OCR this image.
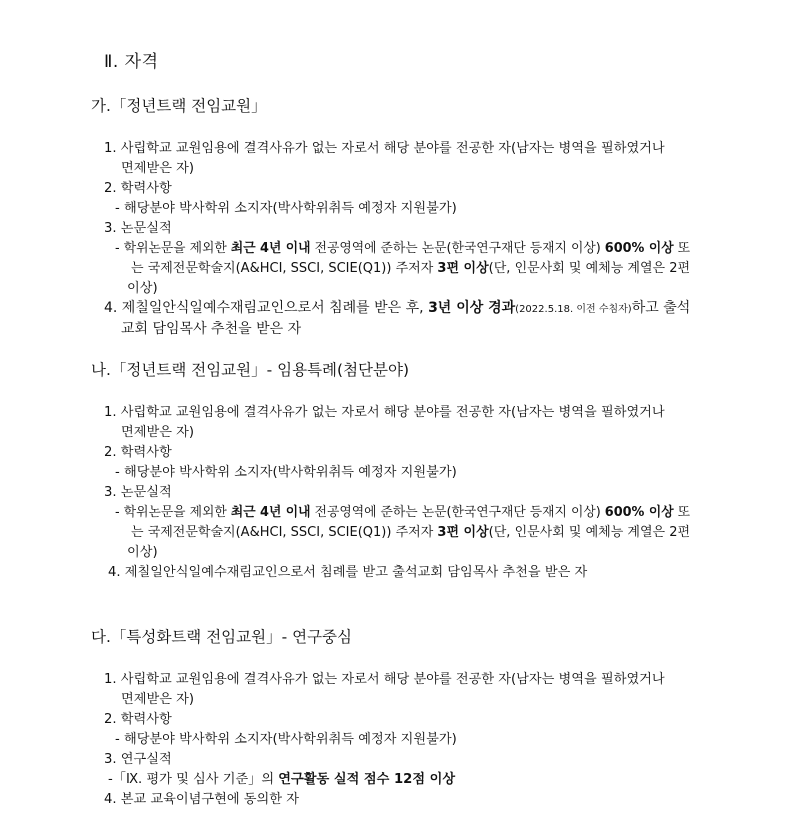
Ⅱ. 자격
가.「정년트랙 전임교원」
1. 사립학교 교원임용에 결격사유가 없는 자로서 해당 분야를 전공한 자(남자는 병역을 필하였거나
면제받은 자)
2. 학력사항
- 해당분야 박사학위 소지자(박사학위취득 예정자 지원불가)
3. 논문실적
- 학위논문을 제외한 최근 4년 이내 전공영역에 준하는 논문(한국연구재단 등재지 이상) 600% 이상 또
는 국제전문학술지(A&HCI, SSCI, SCIE(Q1)) 주저자 3편 이상(단, 인문사회 및 예체능 계열은 2편
이상)
4. 제칠일안식일예수재림교인으로서 침례를 받은 후, 3년 이상 경과(2022.5.18. 이전 수침자)하고 출석
교회 담임목사 추천을 받은 자
나.「정년트랙 전임교원」- 임용특례(첨단분야)
1. 사립학교 교원임용에 결격사유가 없는 자로서 해당 분야를 전공한 자(남자는 병역을 필하였거나
면제받은 자)
2. 학력사항
- 해당분야 박사학위 소지자(박사학위취득 예정자 지원불가)
3. 논문실적
- 학위논문을 제외한 최근 4년 이내 전공영역에 준하는 논문(한국연구재단 등재지 이상) 600% 이상 또
는 국제전문학술지(A&HCI, SSCI, SCIE(Q1)) 주저자 3편 이상(단, 인문사회 및 예체능 계열은 2편
이상)
4. 제칠일안식일예수재림교인으로서 침례를 받고 출석교회 담임목사 추천을 받은 자
다.「특성화트랙 전임교원」- 연구중심
1. 사립학교 교원임용에 결격사유가 없는 자로서 해당 분야를 전공한 자(남자는 병역을 필하였거나
면제받은 자)
2. 학력사항
- 해당분야 박사학위 소지자(박사학위취득 예정자 지원불가)
3. 연구실적
-「Ⅸ. 평가 및 심사 기준」의 연구활동 실적 점수 12점 이상
4. 본교 교육이념구현에 동의한 자
